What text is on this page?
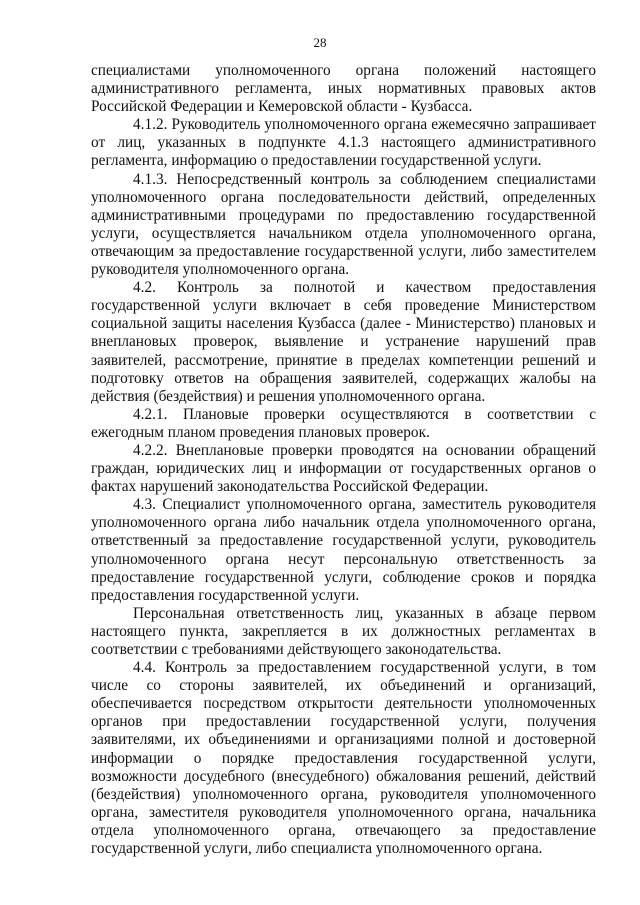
28

специалистами уполномоченного органа положений настоящего административного регламента, иных нормативных правовых актов Российской Федерации и Кемеровской области - Кузбасса.

4.1.2. Руководитель уполномоченного органа ежемесячно запрашивает от лиц, указанных в подпункте 4.1.3 настоящего административного регламента, информацию о предоставлении государственной услуги.

4.1.3. Непосредственный контроль за соблюдением специалистами уполномоченного органа последовательности действий, определенных административными процедурами по предоставлению государственной услуги, осуществляется начальником отдела уполномоченного органа, отвечающим за предоставление государственной услуги, либо заместителем руководителя уполномоченного органа.

4.2. Контроль за полнотой и качеством предоставления государственной услуги включает в себя проведение Министерством социальной защиты населения Кузбасса (далее - Министерство) плановых и внеплановых проверок, выявление и устранение нарушений прав заявителей, рассмотрение, принятие в пределах компетенции решений и подготовку ответов на обращения заявителей, содержащих жалобы на действия (бездействия) и решения уполномоченного органа.

4.2.1. Плановые проверки осуществляются в соответствии с ежегодным планом проведения плановых проверок.

4.2.2. Внеплановые проверки проводятся на основании обращений граждан, юридических лиц и информации от государственных органов о фактах нарушений законодательства Российской Федерации.

4.3. Специалист уполномоченного органа, заместитель руководителя уполномоченного органа либо начальник отдела уполномоченного органа, ответственный за предоставление государственной услуги, руководитель уполномоченного органа несут персональную ответственность за предоставление государственной услуги, соблюдение сроков и порядка предоставления государственной услуги.

Персональная ответственность лиц, указанных в абзаце первом настоящего пункта, закрепляется в их должностных регламентах в соответствии с требованиями действующего законодательства.

4.4. Контроль за предоставлением государственной услуги, в том числе со стороны заявителей, их объединений и организаций, обеспечивается посредством открытости деятельности уполномоченных органов при предоставлении государственной услуги, получения заявителями, их объединениями и организациями полной и достоверной информации о порядке предоставления государственной услуги, возможности досудебного (внесудебного) обжалования решений, действий (бездействия) уполномоченного органа, руководителя уполномоченного органа, заместителя руководителя уполномоченного органа, начальника отдела уполномоченного органа, отвечающего за предоставление государственной услуги, либо специалиста уполномоченного органа.
